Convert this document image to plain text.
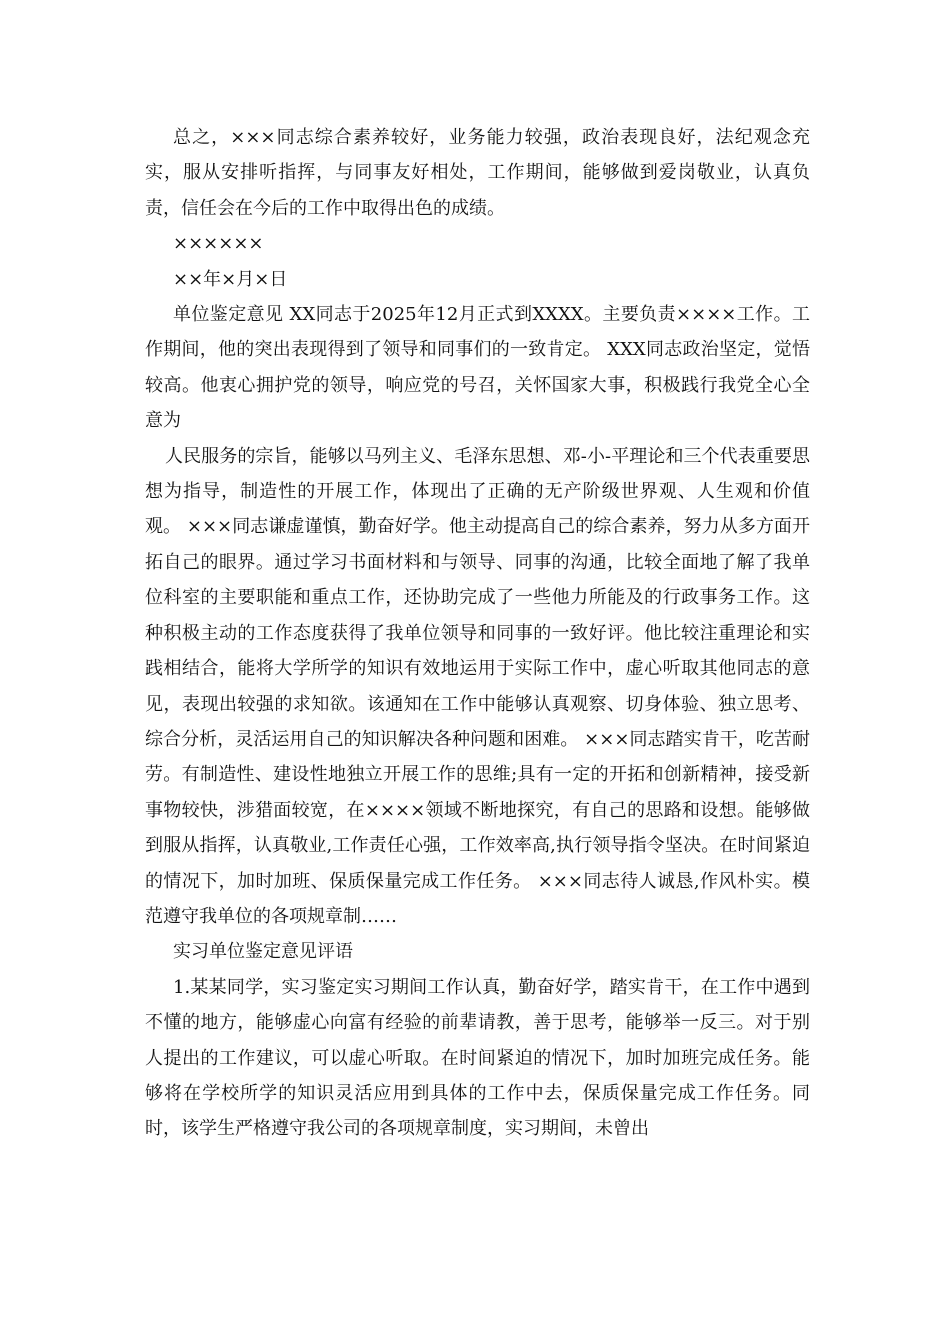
总之，×××同志综合素养较好，业务能力较强，政治表现良好，法纪观念充实，服从安排听指挥，与同事友好相处，工作期间，能够做到爱岗敬业，认真负责，信任会在今后的工作中取得出色的成绩。

××××××

××年×月×日

单位鉴定意见 XX同志于2025年12月正式到XXXX。主要负责××××工作。工作期间，他的突出表现得到了领导和同事们的一致肯定。 XXX同志政治坚定，觉悟较高。他衷心拥护党的领导，响应党的号召，关怀国家大事，积极践行我党全心全意为

人民服务的宗旨，能够以马列主义、毛泽东思想、邓-小-平理论和三个代表重要思想为指导，制造性的开展工作，体现出了正确的无产阶级世界观、人生观和价值观。 ×××同志谦虚谨慎，勤奋好学。他主动提高自己的综合素养，努力从多方面开拓自己的眼界。通过学习书面材料和与领导、同事的沟通，比较全面地了解了我单位科室的主要职能和重点工作，还协助完成了一些他力所能及的行政事务工作。这种积极主动的工作态度获得了我单位领导和同事的一致好评。他比较注重理论和实践相结合，能将大学所学的知识有效地运用于实际工作中，虚心听取其他同志的意见，表现出较强的求知欲。该通知在工作中能够认真观察、切身体验、独立思考、综合分析，灵活运用自己的知识解决各种问题和困难。 ×××同志踏实肯干，吃苦耐劳。有制造性、建设性地独立开展工作的思维;具有一定的开拓和创新精神，接受新事物较快，涉猎面较宽，在××××领域不断地探究，有自己的思路和设想。能够做到服从指挥，认真敬业,工作责任心强，工作效率高,执行领导指令坚决。在时间紧迫的情况下，加时加班、保质保量完成工作任务。 ×××同志待人诚恳,作风朴实。模范遵守我单位的各项规章制……

实习单位鉴定意见评语

1.某某同学，实习鉴定实习期间工作认真，勤奋好学，踏实肯干，在工作中遇到不懂的地方，能够虚心向富有经验的前辈请教，善于思考，能够举一反三。对于别人提出的工作建议，可以虚心听取。在时间紧迫的情况下，加时加班完成任务。能够将在学校所学的知识灵活应用到具体的工作中去，保质保量完成工作任务。同时，该学生严格遵守我公司的各项规章制度，实习期间，未曾出
